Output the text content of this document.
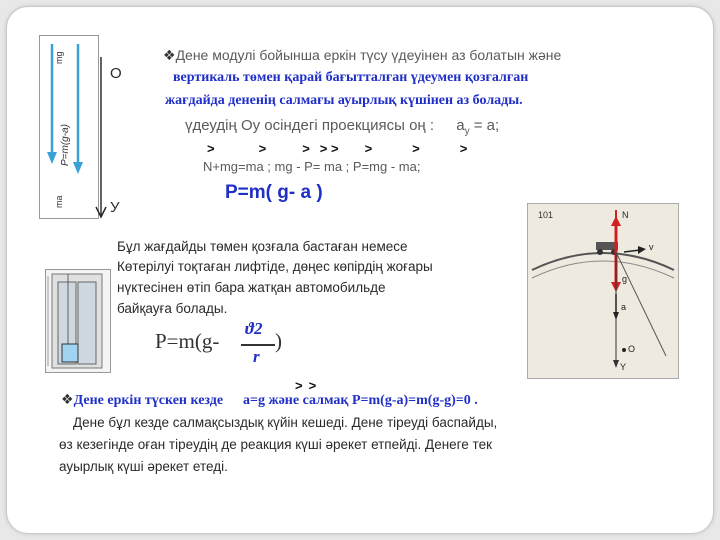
mg
P=m(g-a)
ma
O
У
❖Дене модулі бойынша еркін түсу үдеуінен аз болатын және
вертикаль төмен қарай бағытталған үдеумен қозғалған
жағдайда дененің салмағы ауырлық күшінен аз болады.
үдеудің Оу осіндегі проекциясы оң : $a_у = a$;
>	>	> > > >	>	>
N+mg=ma ; mg - P= ma ; P=mg - ma;
P=m( g- a )
Бұл жағдайды төмен қозғала бастаған немесе
Көтерілуі тоқтаған лифтіде, дөңес көпірдің жоғары
нүктесінен өтіп бара жатқан автомобильде
байқауға болады.
P=m(g-
ϑ2
r
)
101	N
v
g
a
O
Y
> >
❖Дене еркін түскен кезде a=g және салмақ P=m(g-a)=m(g-g)=0 .
Дене бұл кезде салмақсыздық күйін кешеді. Дене тіреуді баспайды,
өз кезегінде оған тіреудің де реакция күші әрекет етпейді. Денеге тек
ауырлық күші әрекет етеді.
